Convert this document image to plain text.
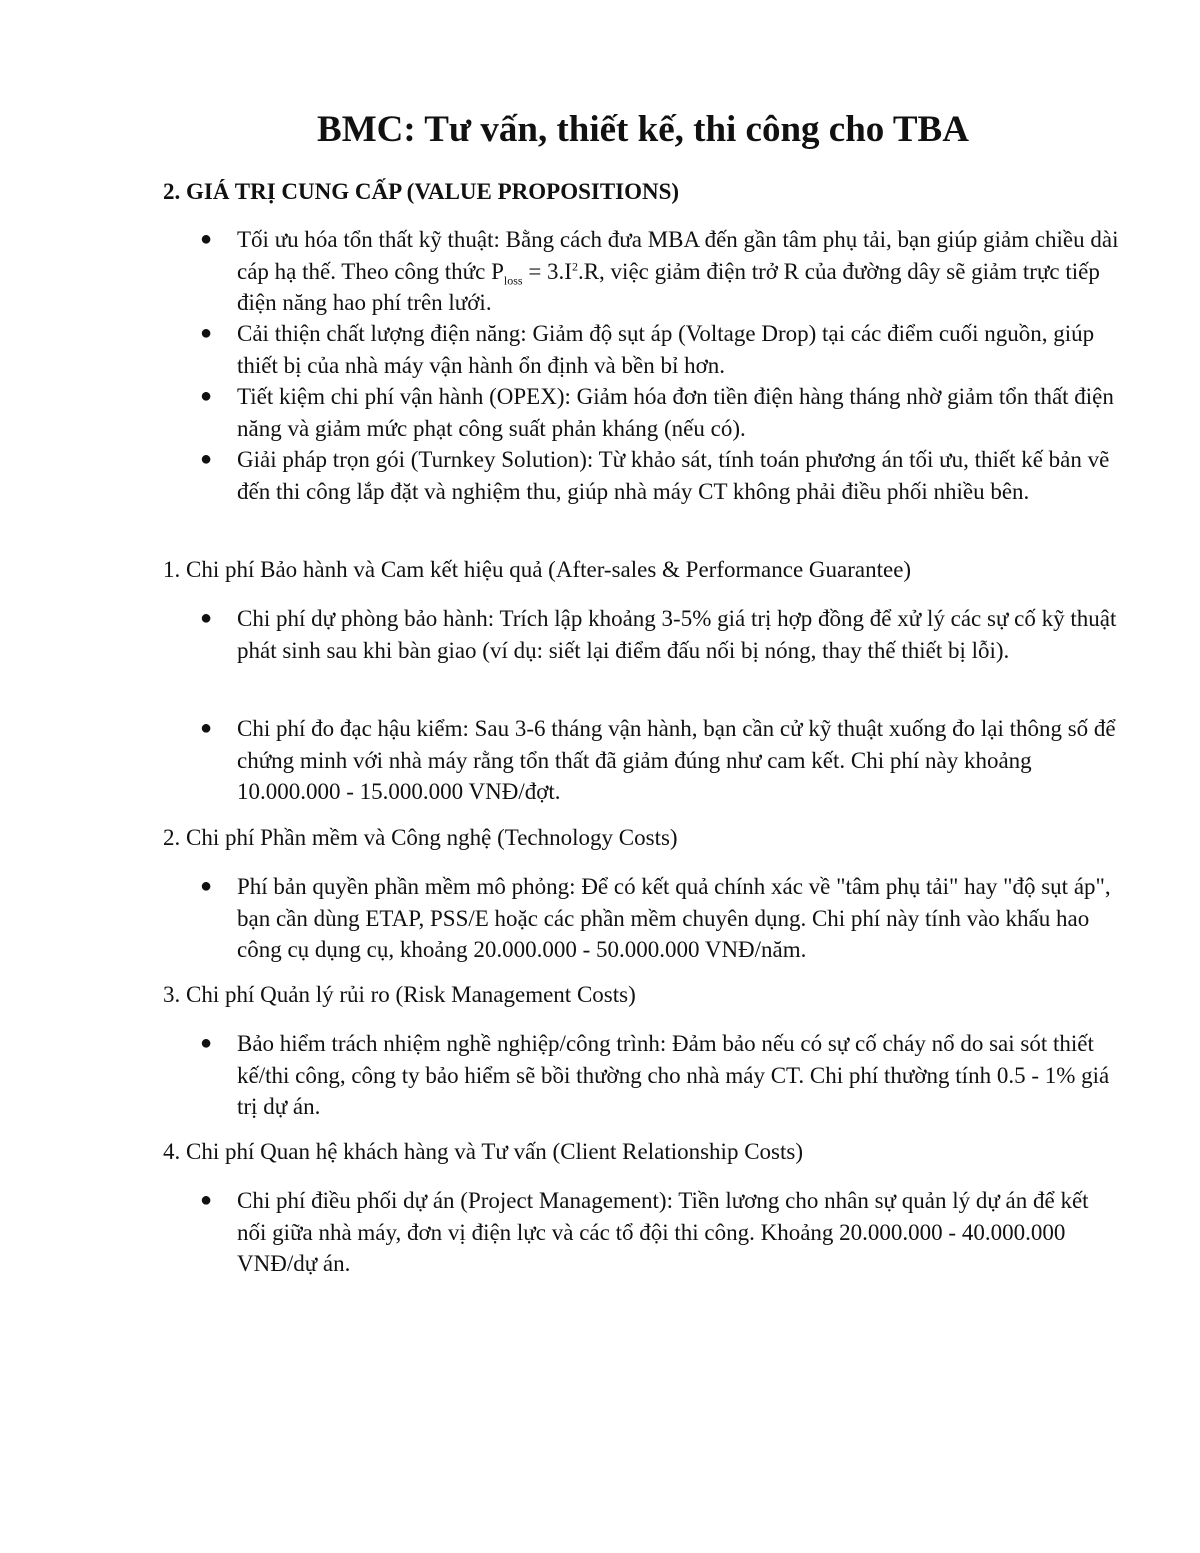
BMC: Tư vấn, thiết kế, thi công cho TBA

2. GIÁ TRỊ CUNG CẤP (VALUE PROPOSITIONS)

●	Tối ưu hóa tổn thất kỹ thuật: Bằng cách đưa MBA đến gần tâm phụ tải, bạn giúp giảm chiều dài cáp hạ thế. Theo công thức $P_{loss} = 3.I^2.R$, việc giảm điện trở R của đường dây sẽ giảm trực tiếp điện năng hao phí trên lưới.
●	Cải thiện chất lượng điện năng: Giảm độ sụt áp (Voltage Drop) tại các điểm cuối nguồn, giúp thiết bị của nhà máy vận hành ổn định và bền bỉ hơn.
●	Tiết kiệm chi phí vận hành (OPEX): Giảm hóa đơn tiền điện hàng tháng nhờ giảm tổn thất điện năng và giảm mức phạt công suất phản kháng (nếu có).
●	Giải pháp trọn gói (Turnkey Solution): Từ khảo sát, tính toán phương án tối ưu, thiết kế bản vẽ đến thi công lắp đặt và nghiệm thu, giúp nhà máy CT không phải điều phối nhiều bên.

1. Chi phí Bảo hành và Cam kết hiệu quả (After-sales & Performance Guarantee)

●	Chi phí dự phòng bảo hành: Trích lập khoảng 3-5% giá trị hợp đồng để xử lý các sự cố kỹ thuật phát sinh sau khi bàn giao (ví dụ: siết lại điểm đấu nối bị nóng, thay thế thiết bị lỗi).
●	Chi phí đo đạc hậu kiểm: Sau 3-6 tháng vận hành, bạn cần cử kỹ thuật xuống đo lại thông số để chứng minh với nhà máy rằng tổn thất đã giảm đúng như cam kết. Chi phí này khoảng 10.000.000 - 15.000.000 VNĐ/đợt.

2. Chi phí Phần mềm và Công nghệ (Technology Costs)

●	Phí bản quyền phần mềm mô phỏng: Để có kết quả chính xác về "tâm phụ tải" hay "độ sụt áp", bạn cần dùng ETAP, PSS/E hoặc các phần mềm chuyên dụng. Chi phí này tính vào khấu hao công cụ dụng cụ, khoảng 20.000.000 - 50.000.000 VNĐ/năm.

3. Chi phí Quản lý rủi ro (Risk Management Costs)

●	Bảo hiểm trách nhiệm nghề nghiệp/công trình: Đảm bảo nếu có sự cố cháy nổ do sai sót thiết kế/thi công, công ty bảo hiểm sẽ bồi thường cho nhà máy CT. Chi phí thường tính 0.5 - 1% giá trị dự án.

4. Chi phí Quan hệ khách hàng và Tư vấn (Client Relationship Costs)

●	Chi phí điều phối dự án (Project Management): Tiền lương cho nhân sự quản lý dự án để kết nối giữa nhà máy, đơn vị điện lực và các tổ đội thi công. Khoảng 20.000.000 - 40.000.000 VNĐ/dự án.
